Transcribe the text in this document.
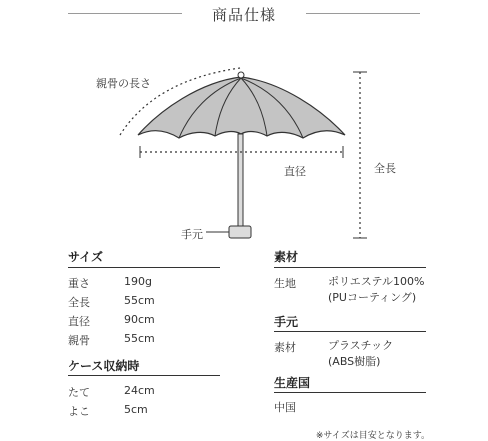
商品仕様
親骨の長さ
直径	全長
手元
サイズ
重さ	190g
全長	55cm
直径	90cm
親骨	55cm
ケース収納時
たて	24cm
よこ	5cm
素材
生地	ポリエステル100%
(PUコーティング)
手元
素材	プラスチック
(ABS樹脂)
生産国
中国
※サイズは目安となります。
